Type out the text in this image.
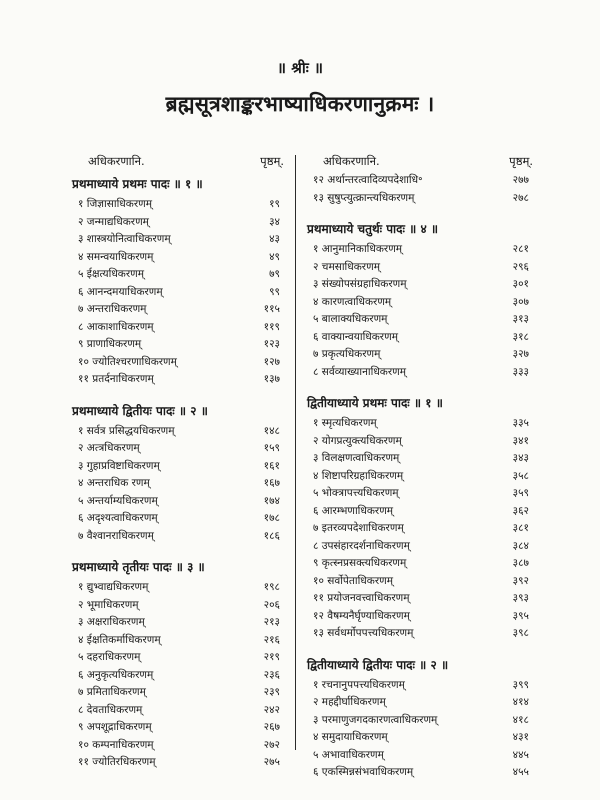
॥ श्रीः ॥
ब्रह्मसूत्रशाङ्करभाष्याधिकरणानुक्रमः ।
अधिकरणानि.	पृष्ठम्.
प्रथमाध्याये प्रथमः पादः ॥ १ ॥
१ जिज्ञासाधिकरणम्	१९
२ जन्माद्यधिकरणम्	३४
३ शास्त्रयोनित्वाधिकरणम्	४३
४ समन्वयाधिकरणम्	४९
५ ईक्षत्यधिकरणम्	७९
६ आनन्दमयाधिकरणम्	९९
७ अन्तराधिकरणम्	११५
८ आकाशाधिकरणम्	११९
९ प्राणाधिकरणम्	१२३
१० ज्योतिश्चरणाधिकरणम्	१२७
११ प्रतर्दनाधिकरणम्	१३७
प्रथमाध्याये द्वितीयः पादः ॥ २ ॥
१ सर्वत्र प्रसिद्धयधिकरणम्	१४८
२ अत्त्रधिकरणम्	१५९
३ गुहाप्रविष्टाधिकरणम्	१६१
४ अन्तराधिक रणम्	१६७
५ अन्तर्याम्यधिकरणम्	१७४
६ अदृश्यत्वाधिकरणम्	१७८
७ वैश्वानराधिकरणम्	१८६
प्रथमाध्याये तृतीयः पादः ॥ ३ ॥
१ द्युभ्वाद्यधिकरणम्	१९८
२ भूमाधिकरणम्	२०६
३ अक्षराधिकरणम्	२१३
४ ईक्षतिकर्माधिकरणम्	२१६
५ दहराधिकरणम्	२१९
६ अनुकृत्यधिकरणम्	२३६
७ प्रमिताधिकरणम्	२३९
८ देवताधिकरणम्	२४२
९ अपशूद्राधिकरणम्	२६७
१० कम्पनाधिकरणम्	२७२
११ ज्योतिरधिकरणम्	२७५
अधिकरणानि.	पृष्ठम्.
१२ अर्थान्तरत्वादिव्यपदेशाधि॰	२७७
१३ सुषुप्त्युत्क्रान्त्यधिकरणम्	२७८
प्रथमाध्याये चतुर्थः पादः ॥ ४ ॥
१ आनुमानिकाधिकरणम्	२८१
२ चमसाधिकरणम्	२९६
३ संख्योपसंग्रहाधिकरणम्	३०१
४ कारणत्वाधिकरणम्	३०७
५ बालाक्यधिकरणम्	३१३
६ वाक्यान्वयाधिकरणम्	३१८
७ प्रकृत्यधिकरणम्	३२७
८ सर्वव्याख्यानाधिकरणम्	३३३
द्वितीयाध्याये प्रथमः पादः ॥ १ ॥
१ स्मृत्यधिकरणम्	३३५
२ योगप्रत्युक्त्यधिकरणम्	३४१
३ विलक्षणत्वाधिकरणम्	३४३
४ शिष्टापरिग्रहाधिकरणम्	३५८
५ भोक्त्रापत्त्यधिकरणम्	३५९
६ आरम्भणाधिकरणम्	३६२
७ इतरव्यपदेशाधिकरणम्	३८१
८ उपसंहारदर्शनाधिकरणम्	३८४
९ कृत्स्नप्रसक्त्यधिकरणम्	३८७
१० सर्वोपेताधिकरणम्	३९२
११ प्रयोजनवत्त्वाधिकरणम्	३९३
१२ वैषम्यनैर्घृण्याधिकरणम्	३९५
१३ सर्वधर्मोपपत्त्यधिकरणम्	३९८
द्वितीयाध्याये द्वितीयः पादः ॥ २ ॥
१ रचनानुपपत्त्यधिकरणम्	३९९
२ महद्दीर्घाधिकरणम्	४१४
३ परमाणुजगदकारणत्वाधिकरणम्	४१८
४ समुदायाधिकरणम्	४३१
५ अभावाधिकरणम्	४४५
६ एकस्मिन्नसंभवाधिकरणम्	४५५
